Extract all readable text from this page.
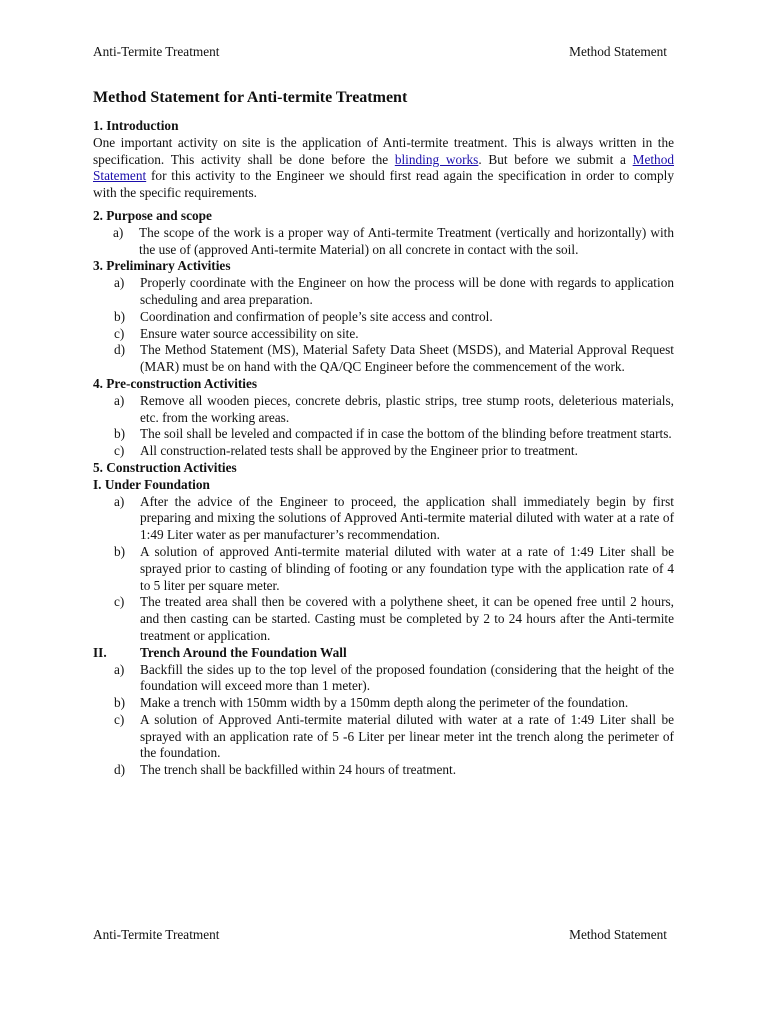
Anti-Termite Treatment	Method Statement
Method Statement for Anti-termite Treatment
1. Introduction

One important activity on site is the application of Anti-termite treatment. This is always written in the specification. This activity shall be done before the blinding works. But before we submit a Method Statement for this activity to the Engineer we should first read again the specification in order to comply with the specific requirements.

2. Purpose and scope
a)	The scope of the work is a proper way of Anti-termite Treatment (vertically and horizontally) with the use of (approved Anti-termite Material) on all concrete in contact with the soil.
3. Preliminary Activities
a)	Properly coordinate with the Engineer on how the process will be done with regards to application scheduling and area preparation.
b)	Coordination and confirmation of people’s site access and control.
c)	Ensure water source accessibility on site.
d)	The Method Statement (MS), Material Safety Data Sheet (MSDS), and Material Approval Request (MAR) must be on hand with the QA/QC Engineer before the commencement of the work.
4. Pre-construction Activities
a)	Remove all wooden pieces, concrete debris, plastic strips, tree stump roots, deleterious materials, etc. from the working areas.
b)	The soil shall be leveled and compacted if in case the bottom of the blinding before treatment starts.
c)	All construction-related tests shall be approved by the Engineer prior to treatment.
5. Construction Activities
I. Under Foundation
a)	After the advice of the Engineer to proceed, the application shall immediately begin by first preparing and mixing the solutions of Approved Anti-termite material diluted with water at a rate of 1:49 Liter water as per manufacturer’s recommendation.
b)	A solution of approved Anti-termite material diluted with water at a rate of 1:49 Liter shall be sprayed prior to casting of blinding of footing or any foundation type with the application rate of 4 to 5 liter per square meter.
c)	The treated area shall then be covered with a polythene sheet, it can be opened free until 2 hours, and then casting can be started. Casting must be completed by 2 to 24 hours after the Anti-termite treatment or application.
II.	Trench Around the Foundation Wall
a)	Backfill the sides up to the top level of the proposed foundation (considering that the height of the foundation will exceed more than 1 meter).
b)	Make a trench with 150mm width by a 150mm depth along the perimeter of the foundation.
c)	A solution of Approved Anti-termite material diluted with water at a rate of 1:49 Liter shall be sprayed with an application rate of 5 -6 Liter per linear meter int the trench along the perimeter of the foundation.
d)	The trench shall be backfilled within 24 hours of treatment.
Anti-Termite Treatment	Method Statement
